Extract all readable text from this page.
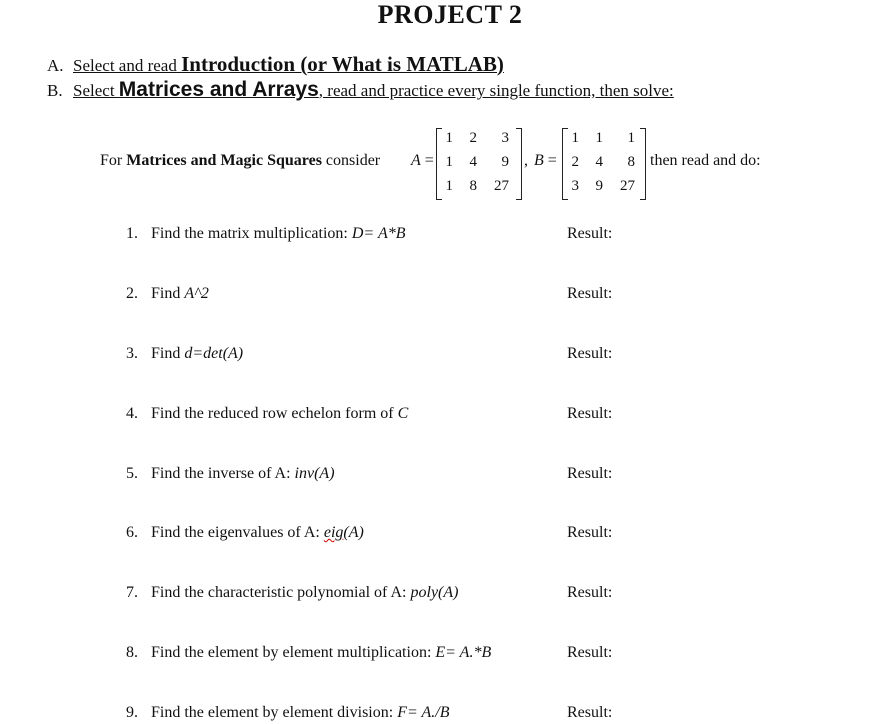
PROJECT 2
A. Select and read Introduction (or What is MATLAB)
B. Select Matrices and Arrays, read and practice every single function, then solve:
For Matrices and Magic Squares consider A =
1	2	3
1	4	9
1	8	27
, B =
1	1	1
2	4	8
3	9	27
then read and do:
1. Find the matrix multiplication: D= A*B	Result:
2. Find A^2	Result:
3. Find d=det(A)	Result:
4. Find the reduced row echelon form of C	Result:
5. Find the inverse of A: inv(A)	Result:
6. Find the eigenvalues of A: eig(A)	Result:
7. Find the characteristic polynomial of A: poly(A)	Result:
8. Find the element by element multiplication: E= A.*B	Result:
9. Find the element by element division: F= A./B	Result:
